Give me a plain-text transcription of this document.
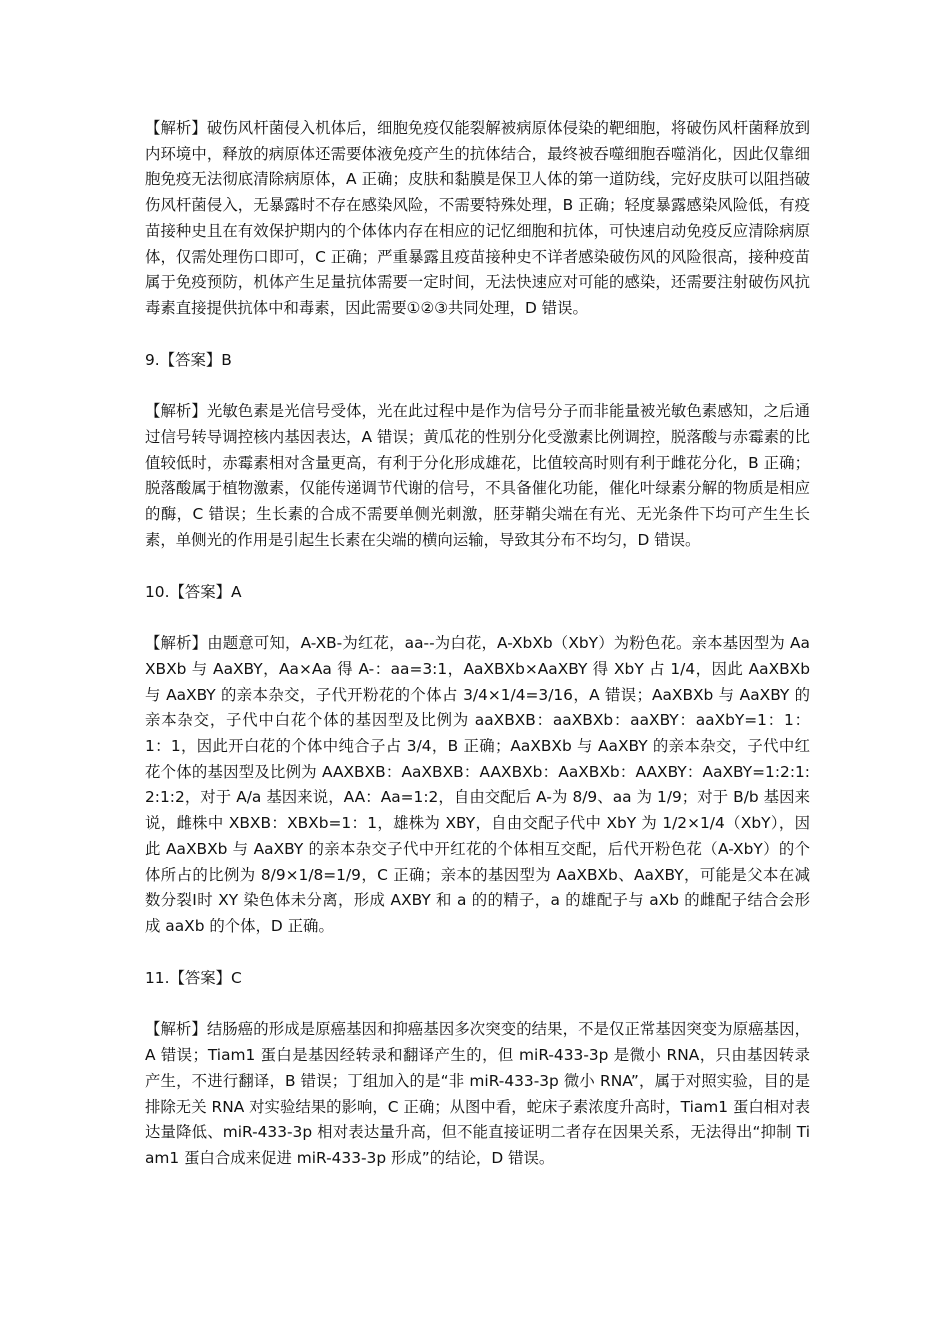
【解析】破伤风杆菌侵入机体后，细胞免疫仅能裂解被病原体侵染的靶细胞，将破伤风杆菌释放到内环境中，释放的病原体还需要体液免疫产生的抗体结合，最终被吞噬细胞吞噬消化，因此仅靠细胞免疫无法彻底清除病原体，A 正确；皮肤和黏膜是保卫人体的第一道防线，完好皮肤可以阻挡破伤风杆菌侵入，无暴露时不存在感染风险，不需要特殊处理，B 正确；轻度暴露感染风险低，有疫苗接种史且在有效保护期内的个体体内存在相应的记忆细胞和抗体，可快速启动免疫反应清除病原体，仅需处理伤口即可，C 正确；严重暴露且疫苗接种史不详者感染破伤风的风险很高，接种疫苗属于免疫预防，机体产生足量抗体需要一定时间，无法快速应对可能的感染，还需要注射破伤风抗毒素直接提供抗体中和毒素，因此需要①②③共同处理，D 错误。

9.【答案】B

【解析】光敏色素是光信号受体，光在此过程中是作为信号分子而非能量被光敏色素感知，之后通过信号转导调控核内基因表达，A 错误；黄瓜花的性别分化受激素比例调控，脱落酸与赤霉素的比值较低时，赤霉素相对含量更高，有利于分化形成雄花，比值较高时则有利于雌花分化，B 正确；脱落酸属于植物激素，仅能传递调节代谢的信号，不具备催化功能，催化叶绿素分解的物质是相应的酶，C 错误；生长素的合成不需要单侧光刺激，胚芽鞘尖端在有光、无光条件下均可产生生长素，单侧光的作用是引起生长素在尖端的横向运输，导致其分布不均匀，D 错误。

10.【答案】A

【解析】由题意可知，A-XB-为红花，aa--为白花，A-XbXb（XbY）为粉色花。亲本基因型为 AaXBXb 与 AaXBY，Aa×Aa 得 A-：aa=3:1，AaXBXb×AaXBY 得 XbY 占 1/4，因此 AaXBXb 与 AaXBY 的亲本杂交，子代开粉花的个体占 3/4×1/4=3/16，A 错误；AaXBXb 与 AaXBY 的亲本杂交，子代中白花个体的基因型及比例为 aaXBXB：aaXBXb：aaXBY：aaXbY=1：1：1：1，因此开白花的个体中纯合子占 3/4，B 正确；AaXBXb 与 AaXBY 的亲本杂交，子代中红花个体的基因型及比例为 AAXBXB：AaXBXB：AAXBXb：AaXBXb：AAXBY：AaXBY=1:2:1:2:1:2，对于 A/a 基因来说，AA：Aa=1:2，自由交配后 A-为 8/9、aa 为 1/9；对于 B/b 基因来说，雌株中 XBXB：XBXb=1：1，雄株为 XBY，自由交配子代中 XbY 为 1/2×1/4（XbY），因此 AaXBXb 与 AaXBY 的亲本杂交子代中开红花的个体相互交配，后代开粉色花（A-XbY）的个体所占的比例为 8/9×1/8=1/9，C 正确；亲本的基因型为 AaXBXb、AaXBY，可能是父本在减数分裂Ⅰ时 XY 染色体未分离，形成 AXBY 和 a 的的精子，a 的雄配子与 aXb 的雌配子结合会形成 aaXb 的个体，D 正确。

11.【答案】C

【解析】结肠癌的形成是原癌基因和抑癌基因多次突变的结果，不是仅正常基因突变为原癌基因，A 错误；Tiam1 蛋白是基因经转录和翻译产生的，但 miR-433-3p 是微小 RNA，只由基因转录产生，不进行翻译，B 错误；丁组加入的是“非 miR-433-3p 微小 RNA”，属于对照实验，目的是排除无关 RNA 对实验结果的影响，C 正确；从图中看，蛇床子素浓度升高时，Tiam1 蛋白相对表达量降低、miR-433-3p 相对表达量升高，但不能直接证明二者存在因果关系，无法得出“抑制 Tiam1 蛋白合成来促进 miR-433-3p 形成”的结论，D 错误。
